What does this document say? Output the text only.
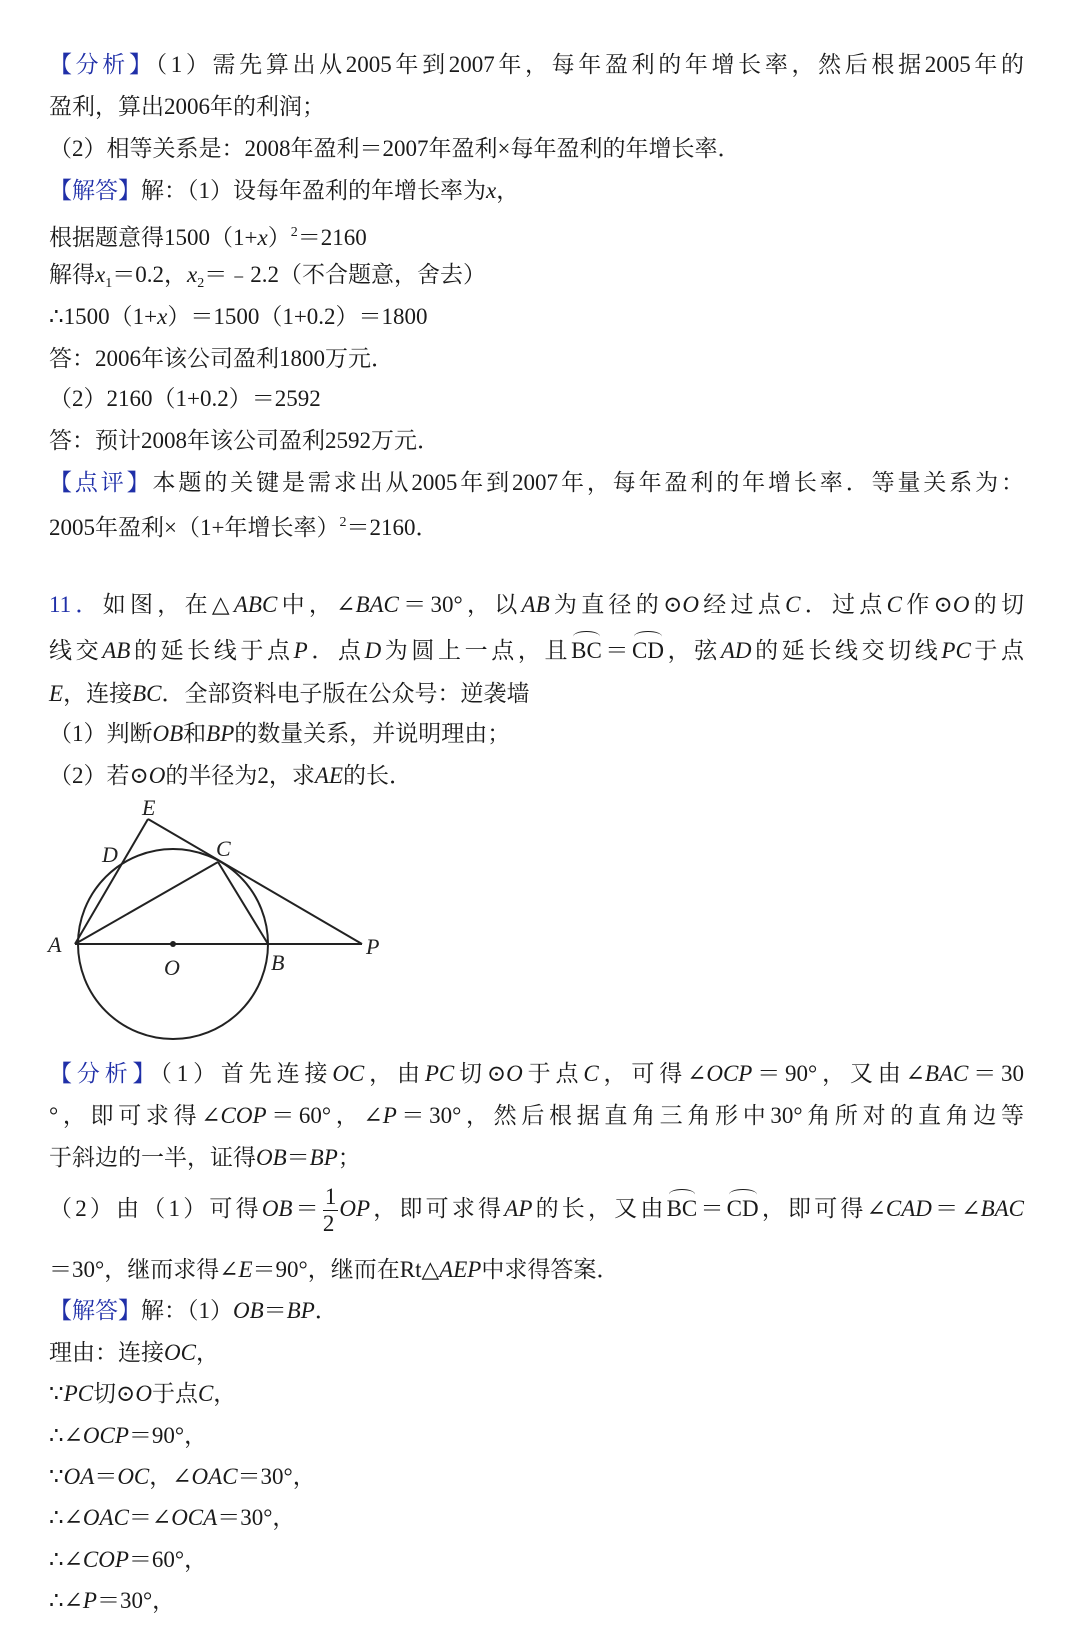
【分析】（1）需先算出从2005年到2007年，每年盈利的年增长率，然后根据2005年的
盈利，算出2006年的利润；
（2）相等关系是：2008年盈利＝2007年盈利×每年盈利的年增长率．
【解答】解：（1）设每年盈利的年增长率为x，
根据题意得$1500(1+x)^2=2160$
解得$x_1=0.2$，$x_2=﹣2.2$（不合题意，舍去）
∴1500（1+x）＝1500（1+0.2）＝1800
答：2006年该公司盈利1800万元．
（2）2160（1+0.2）＝2592
答：预计2008年该公司盈利2592万元．
【点评】本题的关键是需求出从2005年到2007年，每年盈利的年增长率．等量关系为：
2005年盈利×（1+年增长率）$^2$＝2160．
11．如图，在△ABC中，∠BAC＝30°，以AB为直径的⊙O经过点C．过点C作⊙O的切
线交AB的延长线于点P．点D为圆上一点，且BC＝CD，弦AD的延长线交切线PC于点
E，连接BC．全部资料电子版在公众号：逆袭墙
（1）判断OB和BP的数量关系，并说明理由；
（2）若⊙O的半径为2，求AE的长．
【分析】（1）首先连接OC，由PC切⊙O于点C，可得∠OCP＝90°，又由∠BAC＝30
°，即可求得∠COP＝60°，∠P＝30°，然后根据直角三角形中30°角所对的直角边等
于斜边的一半，证得OB＝BP；
（2）由（1）可得$OB= \frac{1}{2}$ OP，即可求得AP的长，又由BC＝CD，即可得∠CAD＝∠BAC
＝30°，继而求得∠E＝90°，继而在Rt△AEP中求得答案．
【解答】解：（1）OB＝BP．
理由：连接OC，
∵PC切⊙O于点C，
∴∠OCP＝90°，
∵OA＝OC，∠OAC＝30°，
∴∠OAC＝∠OCA＝30°，
∴∠COP＝60°，
∴∠P＝30°，
E
D	C
A
O	B
P
